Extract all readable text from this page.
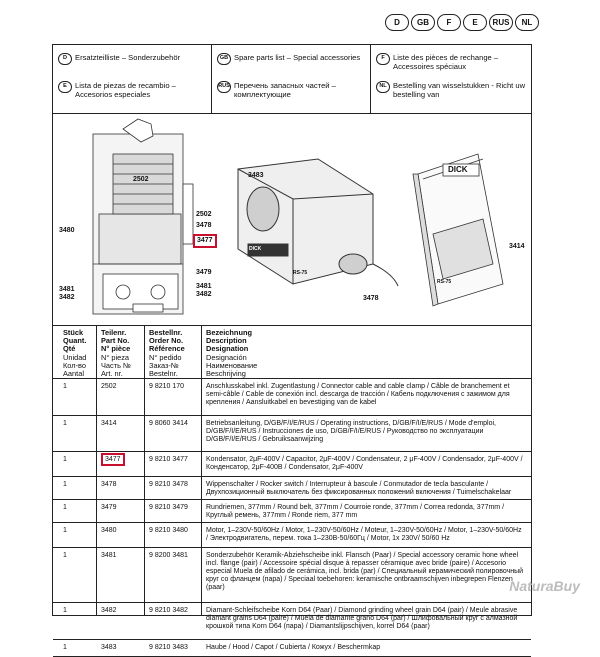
D	GB	F	E	RUS	NL
D	Ersatzteilliste – Sonderzubehör
E	Lista de piezas de recambio – Accesorios especiales
GB Spare parts list – Special accessories
RUS Перечень запасных частей – комплектующие
F	Liste des pièces de rechange – Accessoires spéciaux
NL Bestelling van wisselstukken - Richt uw bestelling van
2502
3480
2502
3478
3477
3479
3481
3482
3481
3482
3483
3478
3414
DICK
RS-75
DICK
RS-75
Stück
Quant.
Qté
Unidad
Кол-во
Aantal
Teilenr.
Part No.
N° pièce
N° pieza
Часть №
Art. nr.
Bestellnr.
Order No.
Référence
N° pedido
Заказ-№
Bestelnr.
Bezeichnung
Description
Designation
Designación
Наименование
Beschrijving
1	2502	9 8210 170	Anschlusskabel inkl. Zugentlastung / Connector cable and cable clamp / Câble de branchement et semi-câble / Cable de conexión incl. descarga de tracción / Кабель подключения с зажимом для крепления / Aansluitkabel en bevestiging van de kabel
1	3414	9 8060 3414	Betriebsanleitung, D/GB/F/I/E/RUS / Operating instructions, D/GB/F/I/E/RUS / Mode d'emploi, D/GB/F/I/E/RUS / Instrucciones de uso, D/GB/F/I/E/RUS / Руководство по эксплуатации D/GB/F/I/E/RUS / Gebruiksaanwijzing
1	3477	9 8210 3477	Kondensator, 2μF-400V / Capacitor, 2μF-400V / Condensateur, 2 μF-400V / Condensador, 2μF-400V / Конденсатор, 2μF-400В / Condensator, 2μF-400V
1	3478	9 8210 3478	Wippenschalter / Rocker switch / Interrupteur à bascule / Conmutador de tecla basculante / Двухпозиционный выключатель без фиксированных положений включения / Tuimelschakelaar
1	3479	9 8210 3479	Rundriemen, 377mm / Round belt, 377mm / Courroie ronde, 377mm / Correa redonda, 377mm / Круглый ремень, 377mm / Ronde riem, 377 mm
1	3480	9 8210 3480	Motor, 1–230V-50/60Hz / Motor, 1–230V-50/60Hz / Moteur, 1–230V-50/60Hz / Motor, 1–230V-50/60Hz / Электродвигатель, перем. тока 1–230В-50/60Гц / Motor, 1x 230V/ 50/60 Hz
1	3481	9 8200 3481	Sonderzubehör Keramik-Abziehscheibe inkl. Flansch (Paar) / Special accessory ceramic hone wheel incl. flange (pair) / Accessoire spécial disque à repasser céramique avec bride (paire) / Accesorio especial Muela de afilado de cerámica, incl. brida (par) / Специальный керамический полировочный круг со фланцем (пара) / Speciaal toebehoren: keramische ontbraamschijven inbegrepen Flenzen (paar)
1	3482	9 8210 3482	Diamant-Schleifscheibe Korn D64 (Paar) / Diamond grinding wheel grain D64 (pair) / Meule abrasive diamant grains D64 (paire) / Muela de diamante grano D64 (par) / Шлифовальный круг с алмазной крошкой типа Korn D64 (пара) / Diamantslijpschijven, korrel D64 (paar)
1	3483	9 8210 3483	Haube / Hood / Capot / Cubierta / Кожух / Beschermkap
NaturaBuy
